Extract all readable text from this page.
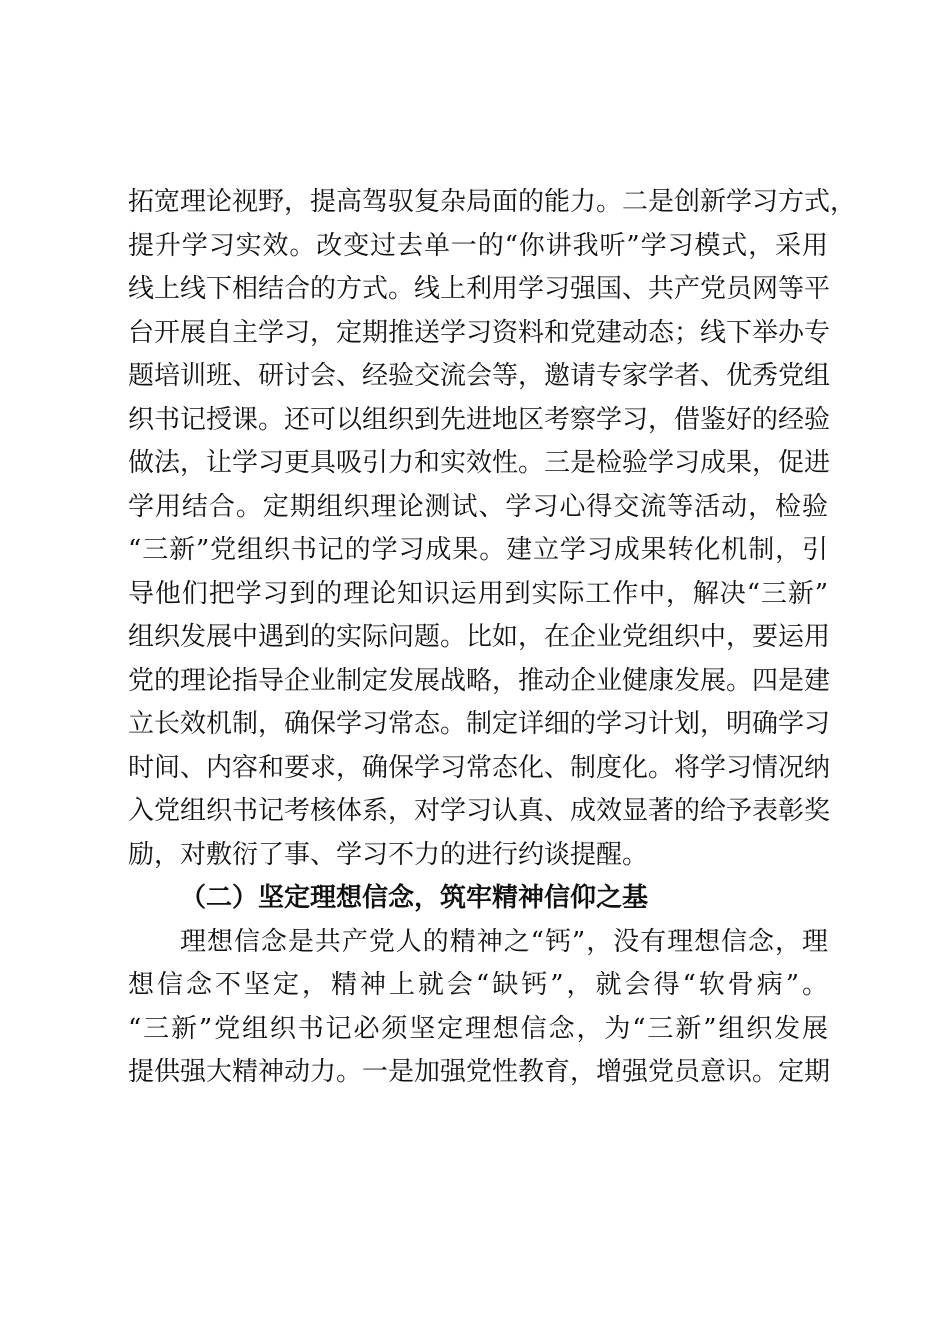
拓宽理论视野，提高驾驭复杂局面的能力。二是创新学习方式，
提升学习实效。改变过去单一的“你讲我听”学习模式，采用
线上线下相结合的方式。线上利用学习强国、共产党员网等平
台开展自主学习，定期推送学习资料和党建动态；线下举办专
题培训班、研讨会、经验交流会等，邀请专家学者、优秀党组
织书记授课。还可以组织到先进地区考察学习，借鉴好的经验
做法，让学习更具吸引力和实效性。三是检验学习成果，促进
学用结合。定期组织理论测试、学习心得交流等活动，检验
“三新”党组织书记的学习成果。建立学习成果转化机制，引
导他们把学习到的理论知识运用到实际工作中，解决“三新”
组织发展中遇到的实际问题。比如，在企业党组织中，要运用
党的理论指导企业制定发展战略，推动企业健康发展。四是建
立长效机制，确保学习常态。制定详细的学习计划，明确学习
时间、内容和要求，确保学习常态化、制度化。将学习情况纳
入党组织书记考核体系，对学习认真、成效显著的给予表彰奖
励，对敷衍了事、学习不力的进行约谈提醒。
（二）坚定理想信念，筑牢精神信仰之基
理想信念是共产党人的精神之“钙”，没有理想信念，理
想信念不坚定，精神上就会“缺钙”，就会得“软骨病”。
“三新”党组织书记必须坚定理想信念，为“三新”组织发展
提供强大精神动力。一是加强党性教育，增强党员意识。定期
